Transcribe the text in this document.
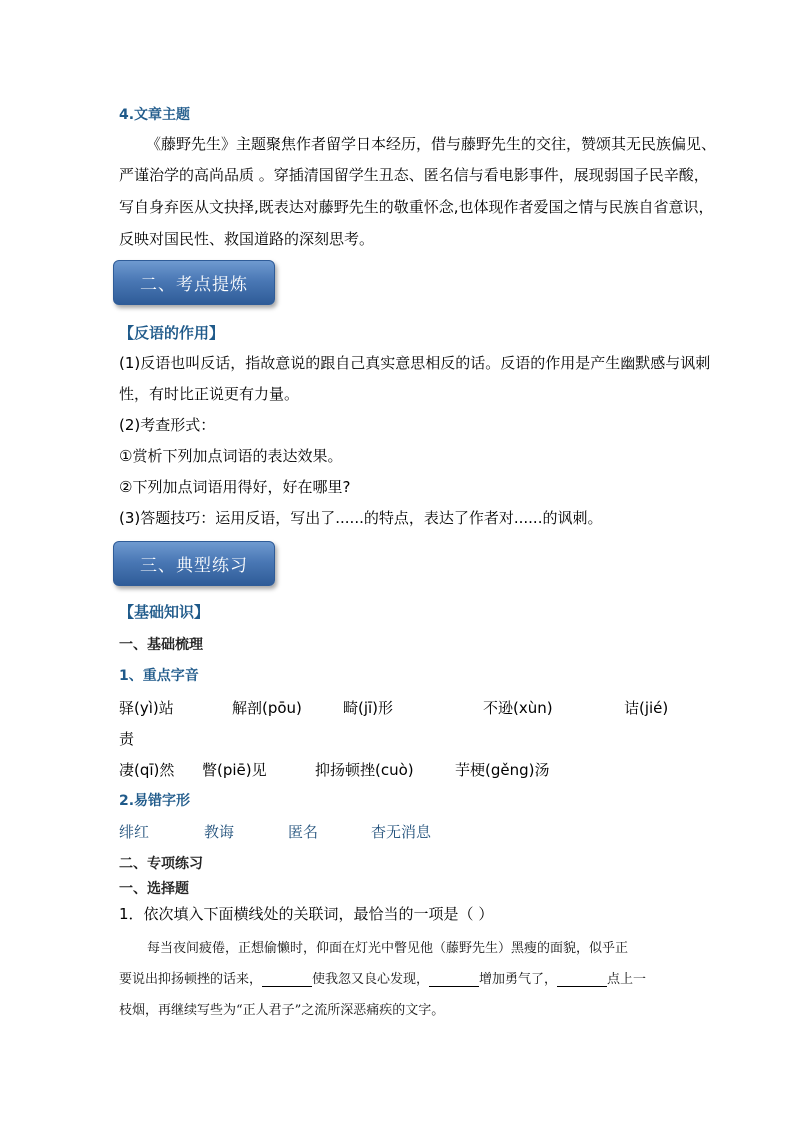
4.文章主题
《藤野先生》主题聚焦作者留学日本经历，借与藤野先生的交往，赞颂其无民族偏见、
严谨治学的高尚品质 。穿插清国留学生丑态、匿名信与看电影事件，展现弱国子民辛酸，
写自身弃医从文抉择,既表达对藤野先生的敬重怀念,也体现作者爱国之情与民族自省意识，
反映对国民性、救国道路的深刻思考。
二、考点提炼
【反语的作用】
(1)反语也叫反话，指故意说的跟自己真实意思相反的话。反语的作用是产生幽默感与讽刺
性，有时比正说更有力量。
(2)考查形式：
①赏析下列加点词语的表达效果。
②下列加点词语用得好，好在哪里?
(3)答题技巧：运用反语，写出了......的特点，表达了作者对......的讽刺。
三、典型练习
【基础知识】
一、基础梳理
1、重点字音
驿(yì)站	解剖(pōu)	畸(jī)形	不逊(xùn)	诘(jié)
责
凄(qī)然 瞥(piē)见	抑扬顿挫(cuò)	芋梗(gěng)汤
2.易错字形
绯红	教诲	匿名	杳无消息
二、专项练习
一、选择题
1．依次填入下面横线处的关联词，最恰当的一项是（ ）
每当夜间疲倦，正想偷懒时，仰面在灯光中瞥见他（藤野先生）黑瘦的面貌，似乎正
要说出抑扬顿挫的话来，	使我忽又良心发现，	增加勇气了，	点上一
枝烟，再继续写些为“正人君子”之流所深恶痛疾的文字。
